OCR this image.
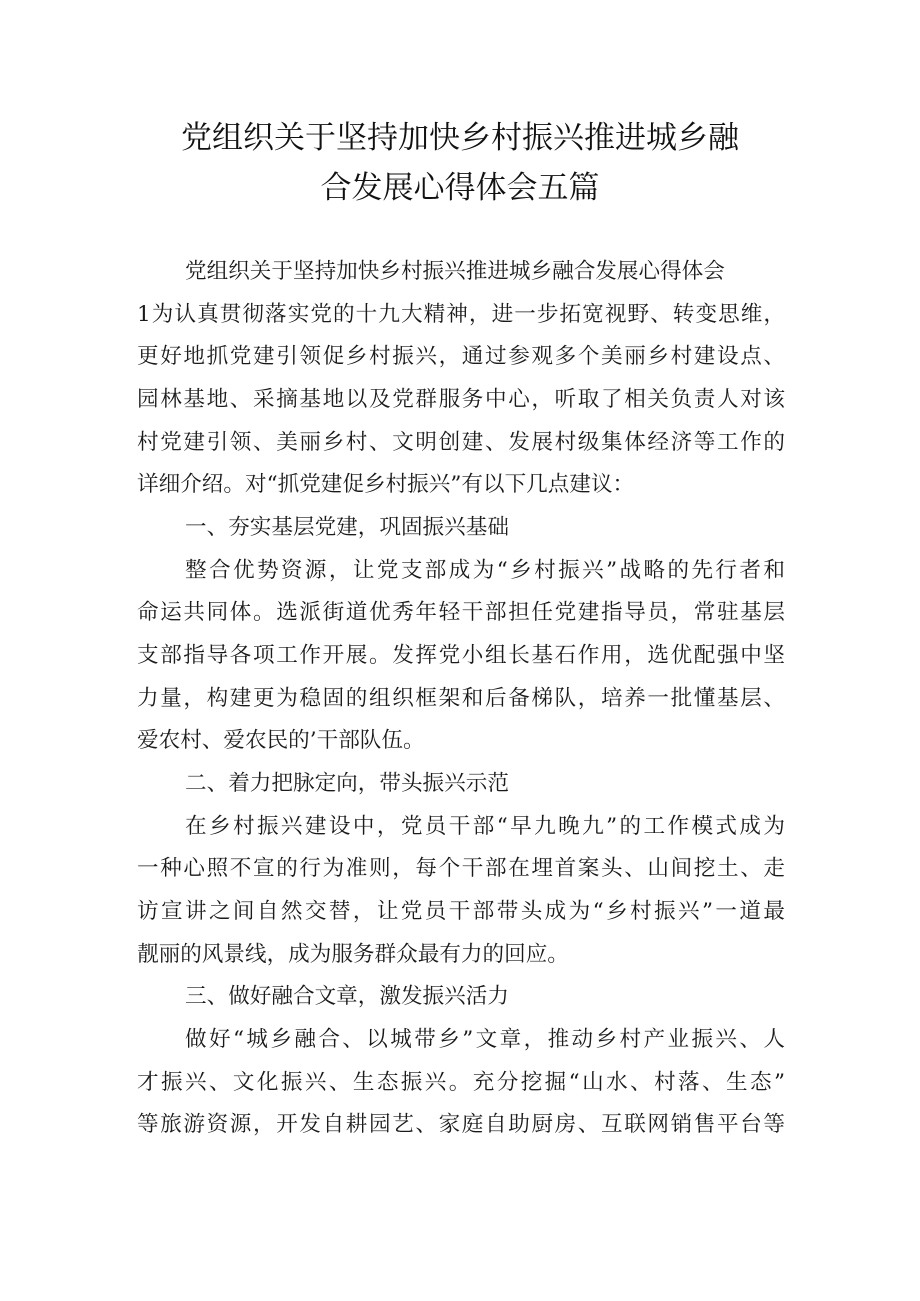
党组织关于坚持加快乡村振兴推进城乡融
合发展心得体会五篇
党组织关于坚持加快乡村振兴推进城乡融合发展心得体会
1为认真贯彻落实党的十九大精神，进一步拓宽视野、转变思维，
更好地抓党建引领促乡村振兴，通过参观多个美丽乡村建设点、
园林基地、采摘基地以及党群服务中心，听取了相关负责人对该
村党建引领、美丽乡村、文明创建、发展村级集体经济等工作的
详细介绍。对“抓党建促乡村振兴”有以下几点建议：
一、夯实基层党建，巩固振兴基础
整合优势资源，让党支部成为“乡村振兴”战略的先行者和
命运共同体。选派街道优秀年轻干部担任党建指导员，常驻基层
支部指导各项工作开展。发挥党小组长基石作用，选优配强中坚
力量，构建更为稳固的组织框架和后备梯队，培养一批懂基层、
爱农村、爱农民的’干部队伍。
二、着力把脉定向，带头振兴示范
在乡村振兴建设中，党员干部“早九晚九”的工作模式成为
一种心照不宣的行为准则，每个干部在埋首案头、山间挖土、走
访宣讲之间自然交替，让党员干部带头成为“乡村振兴”一道最
靓丽的风景线，成为服务群众最有力的回应。
三、做好融合文章，激发振兴活力
做好“城乡融合、以城带乡”文章，推动乡村产业振兴、人
才振兴、文化振兴、生态振兴。充分挖掘“山水、村落、生态”
等旅游资源，开发自耕园艺、家庭自助厨房、互联网销售平台等
